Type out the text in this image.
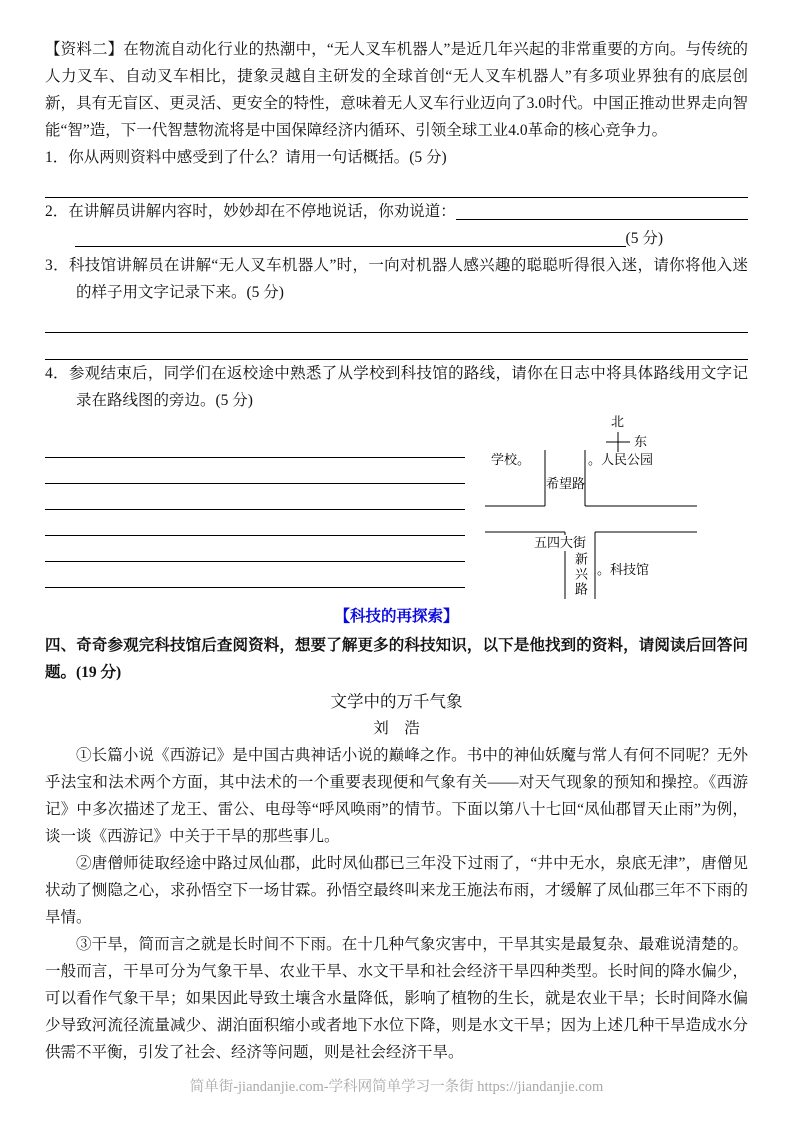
【资料二】在物流自动化行业的热潮中，“无人叉车机器人”是近几年兴起的非常重要的方向。与传统的人力叉车、自动叉车相比，捷象灵越自主研发的全球首创“无人叉车机器人”有多项业界独有的底层创新，具有无盲区、更灵活、更安全的特性，意味着无人叉车行业迈向了3.0时代。中国正推动世界走向智能“智”造，下一代智慧物流将是中国保障经济内循环、引领全球工业4.0革命的核心竞争力。

1．你从两则资料中感受到了什么？请用一句话概括。(5 分)

2．在讲解员讲解内容时，妙妙却在不停地说话，你劝说道：
(5 分)

3．科技馆讲解员在讲解“无人叉车机器人”时，一向对机器人感兴趣的聪聪听得很入迷，请你将他入迷的样子用文字记录下来。(5 分)

4．参观结束后，同学们在返校途中熟悉了从学校到科技馆的路线，请你在日志中将具体路线用文字记录在路线图的旁边。(5 分)

北
东
学校。	。人民公园
希望路
五四大街
新兴路 。科技馆

【科技的再探索】

四、奇奇参观完科技馆后查阅资料，想要了解更多的科技知识，以下是他找到的资料，请阅读后回答问题。(19 分)

文学中的万千气象

刘　浩

①长篇小说《西游记》是中国古典神话小说的巅峰之作。书中的神仙妖魔与常人有何不同呢？无外乎法宝和法术两个方面，其中法术的一个重要表现便和气象有关——对天气现象的预知和操控。《西游记》中多次描述了龙王、雷公、电母等“呼风唤雨”的情节。下面以第八十七回“凤仙郡冒天止雨”为例，谈一谈《西游记》中关于干旱的那些事儿。

②唐僧师徒取经途中路过凤仙郡，此时凤仙郡已三年没下过雨了，“井中无水，泉底无津”，唐僧见状动了恻隐之心，求孙悟空下一场甘霖。孙悟空最终叫来龙王施法布雨，才缓解了凤仙郡三年不下雨的旱情。

③干旱，简而言之就是长时间不下雨。在十几种气象灾害中，干旱其实是最复杂、最难说清楚的。一般而言，干旱可分为气象干旱、农业干旱、水文干旱和社会经济干旱四种类型。长时间的降水偏少，可以看作气象干旱；如果因此导致土壤含水量降低，影响了植物的生长，就是农业干旱；长时间降水偏少导致河流径流量减少、湖泊面积缩小或者地下水位下降，则是水文干旱；因为上述几种干旱造成水分供需不平衡，引发了社会、经济等问题，则是社会经济干旱。

简单街-jiandanjie.com-学科网简单学习一条街 https://jiandanjie.com
